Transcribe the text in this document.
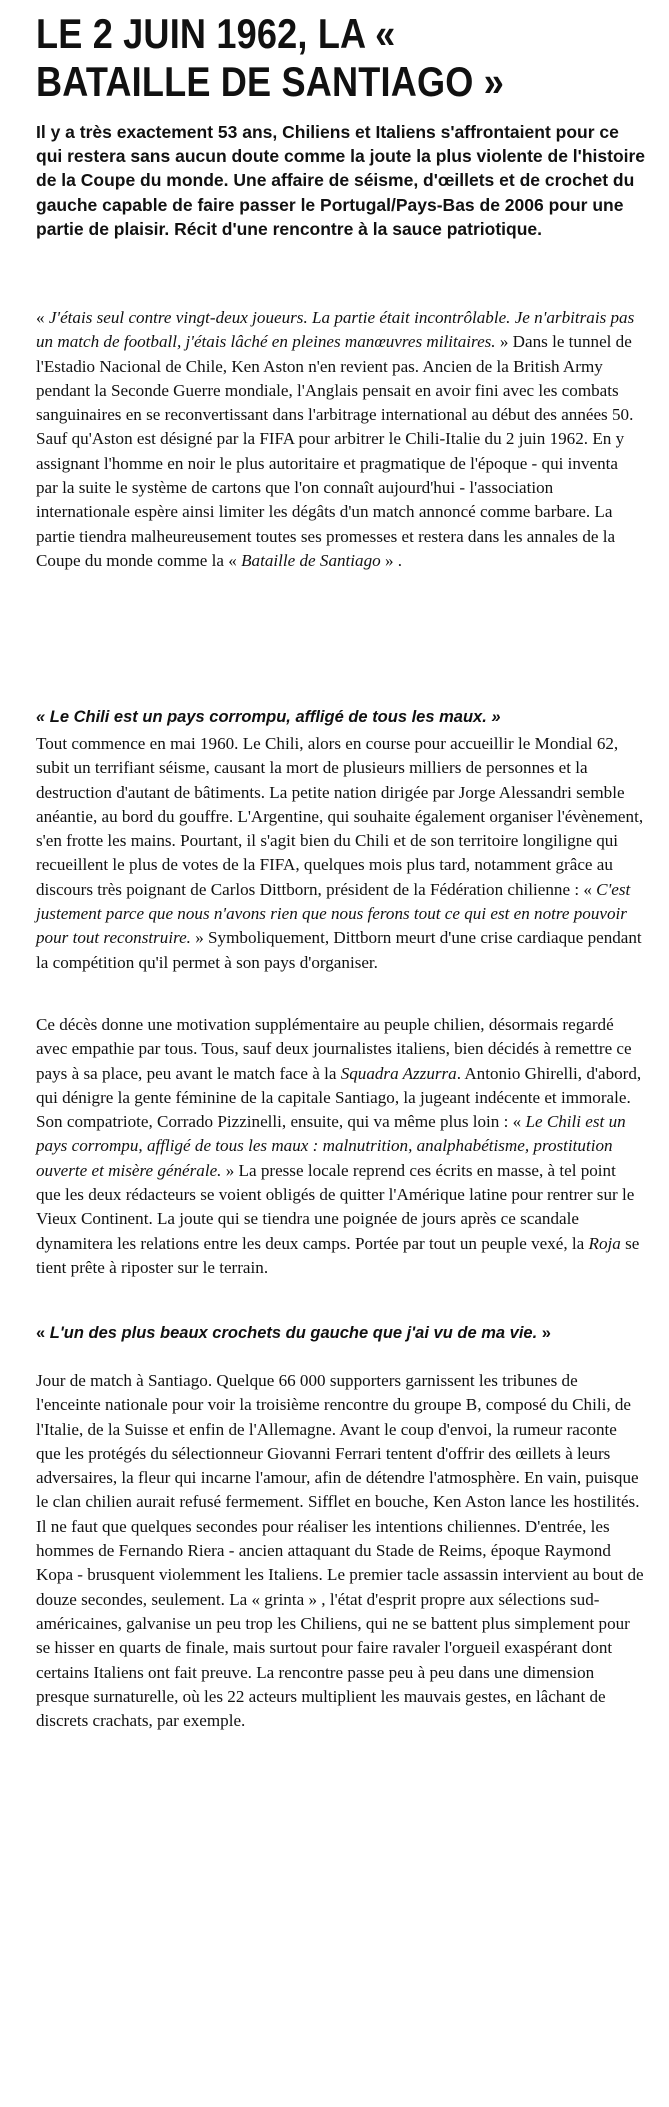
LE 2 JUIN 1962, LA « BATAILLE DE SANTIAGO »

Il y a très exactement 53 ans, Chiliens et Italiens s'affrontaient pour ce qui restera sans aucun doute comme la joute la plus violente de l'histoire de la Coupe du monde. Une affaire de séisme, d'œillets et de crochet du gauche capable de faire passer le Portugal/Pays-Bas de 2006 pour une partie de plaisir. Récit d'une rencontre à la sauce patriotique.

« J'étais seul contre vingt-deux joueurs. La partie était incontrôlable. Je n'arbitrais pas un match de football, j'étais lâché en pleines manœuvres militaires. » Dans le tunnel de l'Estadio Nacional de Chile, Ken Aston n'en revient pas. Ancien de la British Army pendant la Seconde Guerre mondiale, l'Anglais pensait en avoir fini avec les combats sanguinaires en se reconvertissant dans l'arbitrage international au début des années 50. Sauf qu'Aston est désigné par la FIFA pour arbitrer le Chili-Italie du 2 juin 1962. En y assignant l'homme en noir le plus autoritaire et pragmatique de l'époque - qui inventa par la suite le système de cartons que l'on connaît aujourd'hui - l'association internationale espère ainsi limiter les dégâts d'un match annoncé comme barbare. La partie tiendra malheureusement toutes ses promesses et restera dans les annales de la Coupe du monde comme la « Bataille de Santiago » .

« Le Chili est un pays corrompu, affligé de tous les maux. »

Tout commence en mai 1960. Le Chili, alors en course pour accueillir le Mondial 62, subit un terrifiant séisme, causant la mort de plusieurs milliers de personnes et la destruction d'autant de bâtiments. La petite nation dirigée par Jorge Alessandri semble anéantie, au bord du gouffre. L'Argentine, qui souhaite également organiser l'évènement, s'en frotte les mains. Pourtant, il s'agit bien du Chili et de son territoire longiligne qui recueillent le plus de votes de la FIFA, quelques mois plus tard, notamment grâce au discours très poignant de Carlos Dittborn, président de la Fédération chilienne : « C'est justement parce que nous n'avons rien que nous ferons tout ce qui est en notre pouvoir pour tout reconstruire. » Symboliquement, Dittborn meurt d'une crise cardiaque pendant la compétition qu'il permet à son pays d'organiser.

Ce décès donne une motivation supplémentaire au peuple chilien, désormais regardé avec empathie par tous. Tous, sauf deux journalistes italiens, bien décidés à remettre ce pays à sa place, peu avant le match face à la Squadra Azzurra. Antonio Ghirelli, d'abord, qui dénigre la gente féminine de la capitale Santiago, la jugeant indécente et immorale. Son compatriote, Corrado Pizzinelli, ensuite, qui va même plus loin : « Le Chili est un pays corrompu, affligé de tous les maux : malnutrition, analphabétisme, prostitution ouverte et misère générale. » La presse locale reprend ces écrits en masse, à tel point que les deux rédacteurs se voient obligés de quitter l'Amérique latine pour rentrer sur le Vieux Continent. La joute qui se tiendra une poignée de jours après ce scandale dynamitera les relations entre les deux camps. Portée par tout un peuple vexé, la Roja se tient prête à riposter sur le terrain.

« L'un des plus beaux crochets du gauche que j'ai vu de ma vie. »

Jour de match à Santiago. Quelque 66 000 supporters garnissent les tribunes de l'enceinte nationale pour voir la troisième rencontre du groupe B, composé du Chili, de l'Italie, de la Suisse et enfin de l'Allemagne. Avant le coup d'envoi, la rumeur raconte que les protégés du sélectionneur Giovanni Ferrari tentent d'offrir des œillets à leurs adversaires, la fleur qui incarne l'amour, afin de détendre l'atmosphère. En vain, puisque le clan chilien aurait refusé fermement. Sifflet en bouche, Ken Aston lance les hostilités. Il ne faut que quelques secondes pour réaliser les intentions chiliennes. D'entrée, les hommes de Fernando Riera - ancien attaquant du Stade de Reims, époque Raymond Kopa - brusquent violemment les Italiens. Le premier tacle assassin intervient au bout de douze secondes, seulement. La « grinta » , l'état d'esprit propre aux sélections sud-américaines, galvanise un peu trop les Chiliens, qui ne se battent plus simplement pour se hisser en quarts de finale, mais surtout pour faire ravaler l'orgueil exaspérant dont certains Italiens ont fait preuve. La rencontre passe peu à peu dans une dimension presque surnaturelle, où les 22 acteurs multiplient les mauvais gestes, en lâchant de discrets crachats, par exemple.
